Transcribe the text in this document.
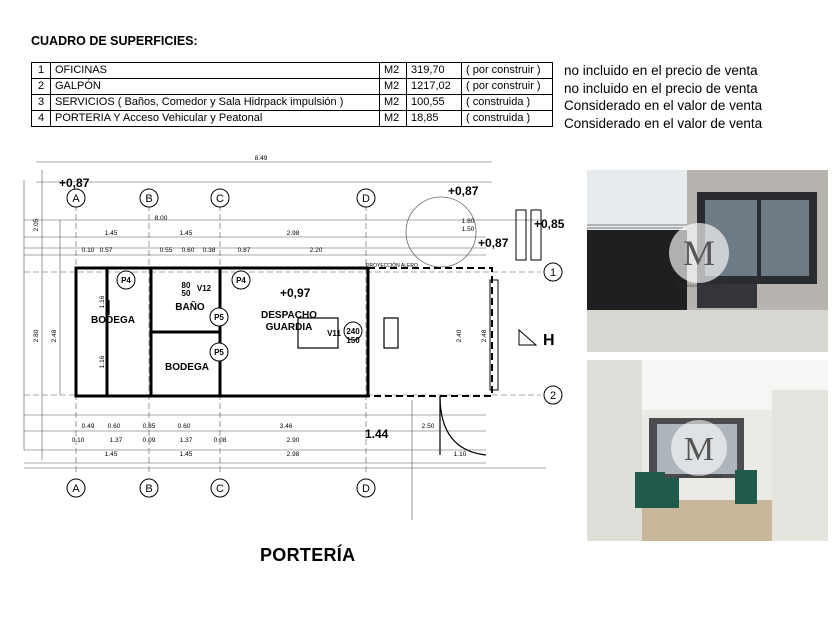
CUADRO DE SUPERFICIES:
1	OFICINAS	M2	319,70	( por construir )
2	GALPÓN	M2	1217,02	( por construir )
3	SERVICIOS ( Baños, Comedor y Sala Hidrpack impulsión )	M2	100,55	( construida )
4	PORTERIA Y Acceso Vehicular y Peatonal	M2	18,85	( construida )
no incluido en el precio de venta
no incluido en el precio de venta
Considerado en el valor de venta
Considerado en el valor de venta
A	B	C	D
A	B	C	D
1
2
P4	P4
P5
P5
240
150
80
50
V12
V11
BODEGA
BAÑO
DESPACHO
GUARDIA
BODEGA
+0,87
+0,87
+0,87
+0,85
+0,97
1.44
H
8.49
8.00
1.45	1.45	2.98
0.10 0.57	0.55 0.60 0.38	0.87	2.20
0.49 0.60	0.85	0.60	3.46	2.50
0.10	1.37	0.09	1.37	0.08	2.90
1.45	1.45	2.98	1.10
1.60
1.50
PROYECCIÓN ALERO
2.05
2.80 2.48
1.16
1.16
2.40	2.48
M
GESTIÓN INMOBILIARIA
M
GESTIÓN INMOBILIARIA
PORTERÍA
